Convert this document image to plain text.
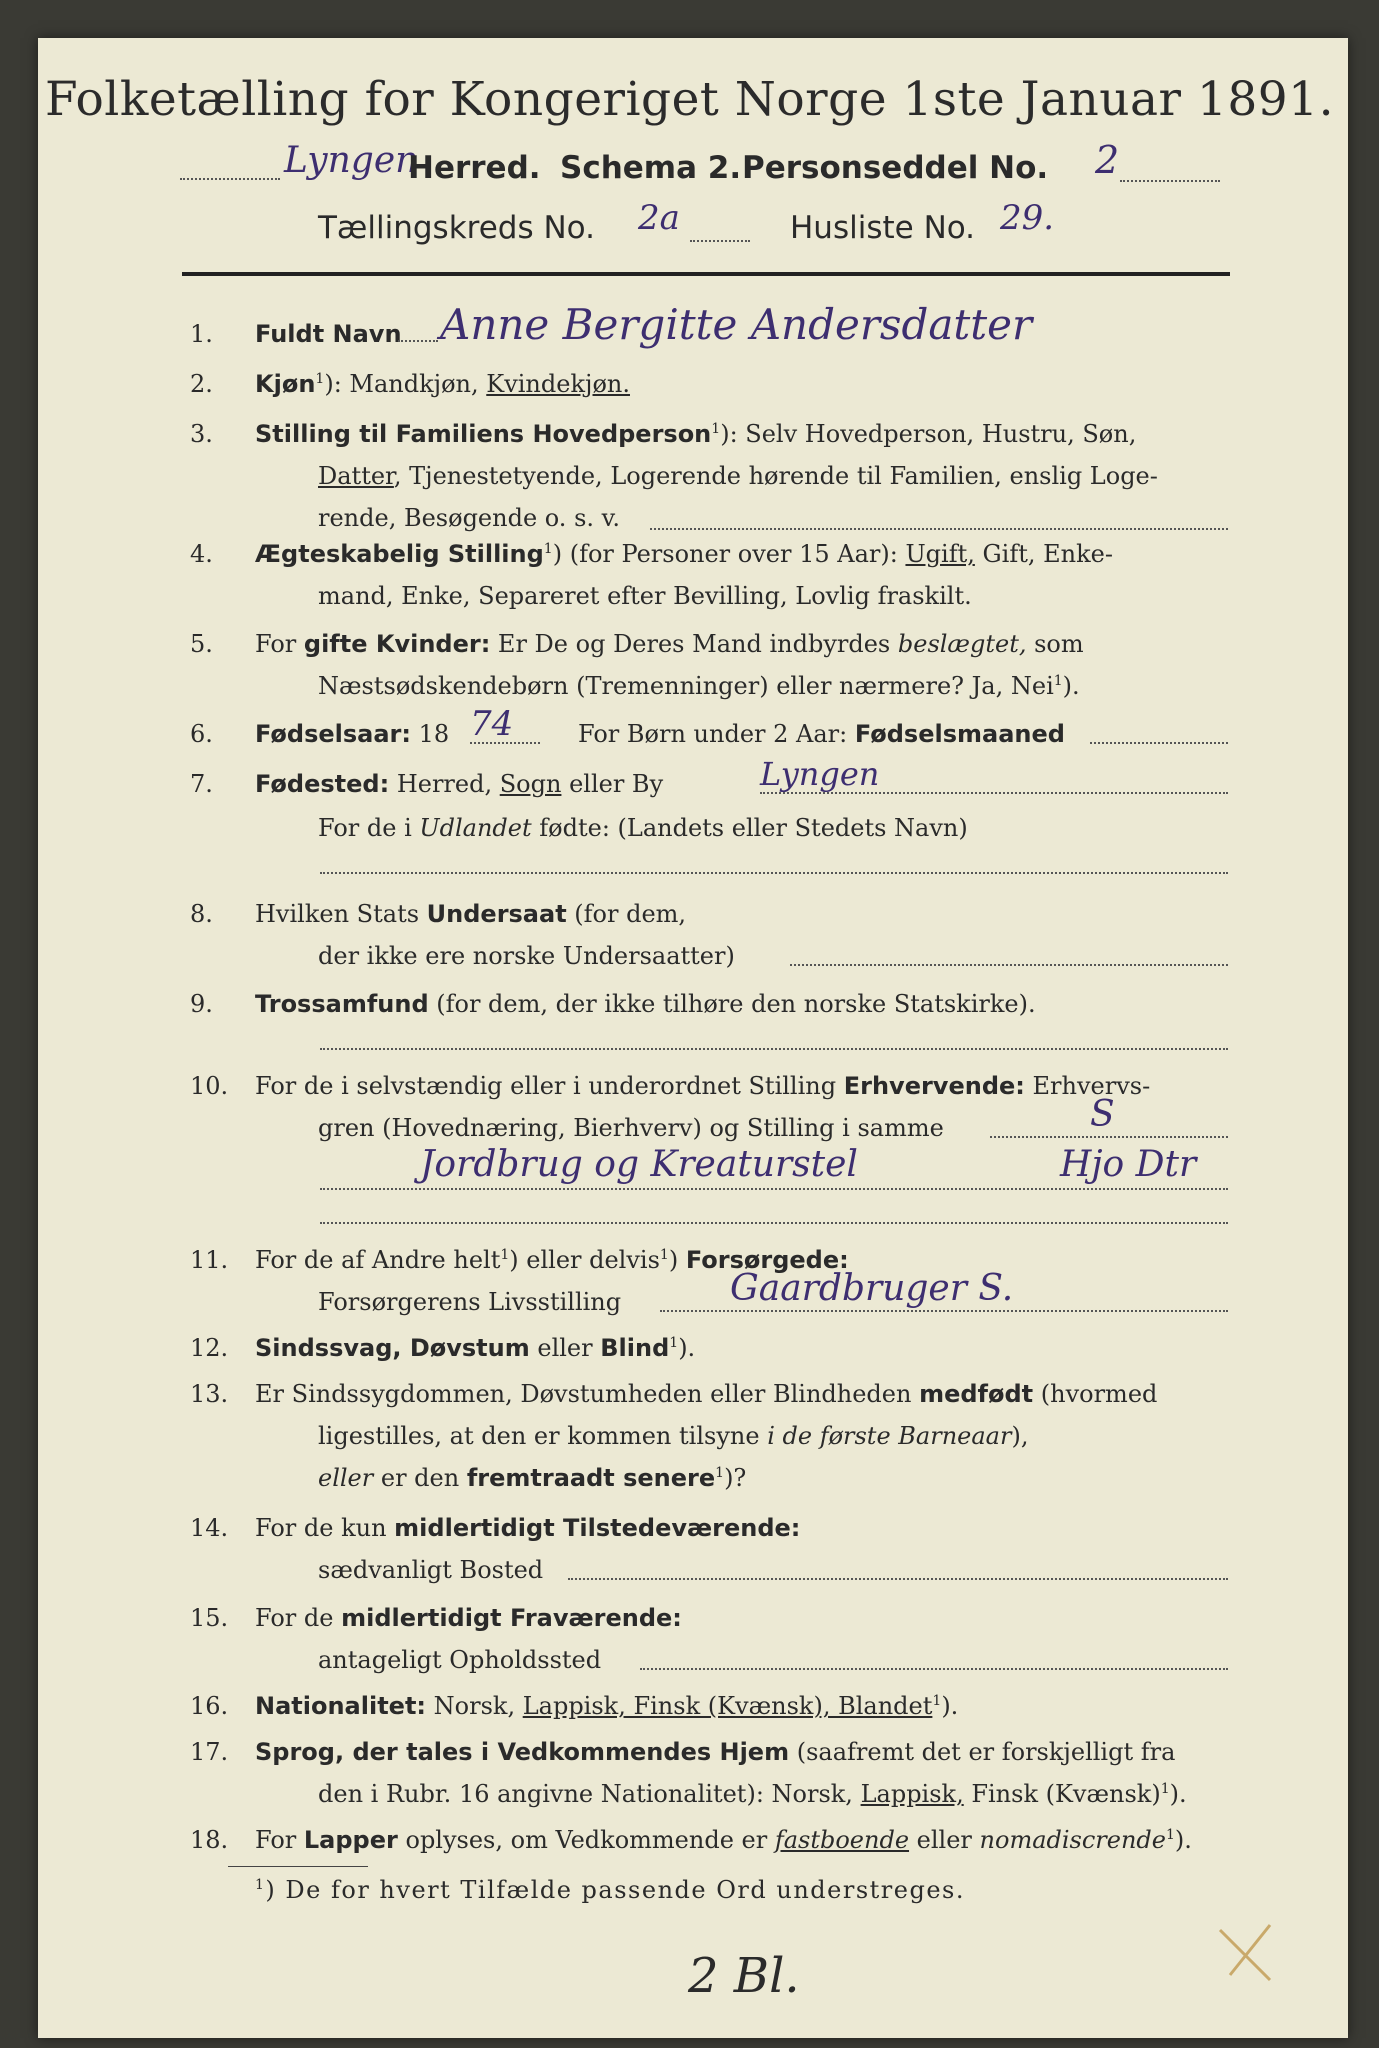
Folketælling for Kongeriget Norge 1ste Januar 1891.
Lyngen
Herred. Schema 2. Personseddel No. 2
Tællingskreds No. 2a	Husliste No. 29.
1.	Fuldt Navn Anne Bergitte Andersdatter
2.	Kjøn$^1$): Mandkjøn, Kvindekjøn.
3.	Stilling til Familiens Hovedperson$^1$): Selv Hovedperson, Hustru, Søn,
Datter, Tjenestetyende, Logerende hørende til Familien, enslig Loge-
rende, Besøgende o. s. v.
4.	Ægteskabelig Stilling$^1$) (for Personer over 15 Aar): Ugift, Gift, Enke-
mand, Enke, Separeret efter Bevilling, Lovlig fraskilt.
5.	For gifte Kvinder: Er De og Deres Mand indbyrdes beslægtet, som
Næstsødskendebørn (Tremenninger) eller nærmere? Ja, Nei$^1$).
6.	Fødselsaar: 18 74	For Børn under 2 Aar: Fødselsmaaned
7.	Fødested: Herred, Sogn eller By	Lyngen
For de i Udlandet fødte: (Landets eller Stedets Navn)
8.	Hvilken Stats Undersaat (for dem,
der ikke ere norske Undersaatter)
9.	Trossamfund (for dem, der ikke tilhøre den norske Statskirke).
10.	For de i selvstændig eller i underordnet Stilling Erhvervende: Erhvervs-
gren (Hovednæring, Bierhverv) og Stilling i samme	S
Jordbrug og Kreaturstel	Hjo Dtr
11.	For de af Andre helt$^1$) eller delvis$^1$) Forsørgede:
Forsørgerens Livsstilling	Gaardbruger S.
12.	Sindssvag, Døvstum eller Blind$^1$).
13.	Er Sindssygdommen, Døvstumheden eller Blindheden medfødt (hvormed
ligestilles, at den er kommen tilsyne i de første Barneaar),
eller er den fremtraadt senere$^1$)?
14.	For de kun midlertidigt Tilstedeværende:
sædvanligt Bosted
15.	For de midlertidigt Fraværende:
antageligt Opholdssted
16.	Nationalitet: Norsk, Lappisk, Finsk (Kvænsk), Blandet$^1$).
17.	Sprog, der tales i Vedkommendes Hjem (saafremt det er forskjelligt fra
den i Rubr. 16 angivne Nationalitet): Norsk, Lappisk, Finsk (Kvænsk)$^1$).
18.	For Lapper oplyses, om Vedkommende er fastboende eller nomadiscrende$^1$).
$^1$) De for hvert Tilfælde passende Ord understreges.
2 Bl.
